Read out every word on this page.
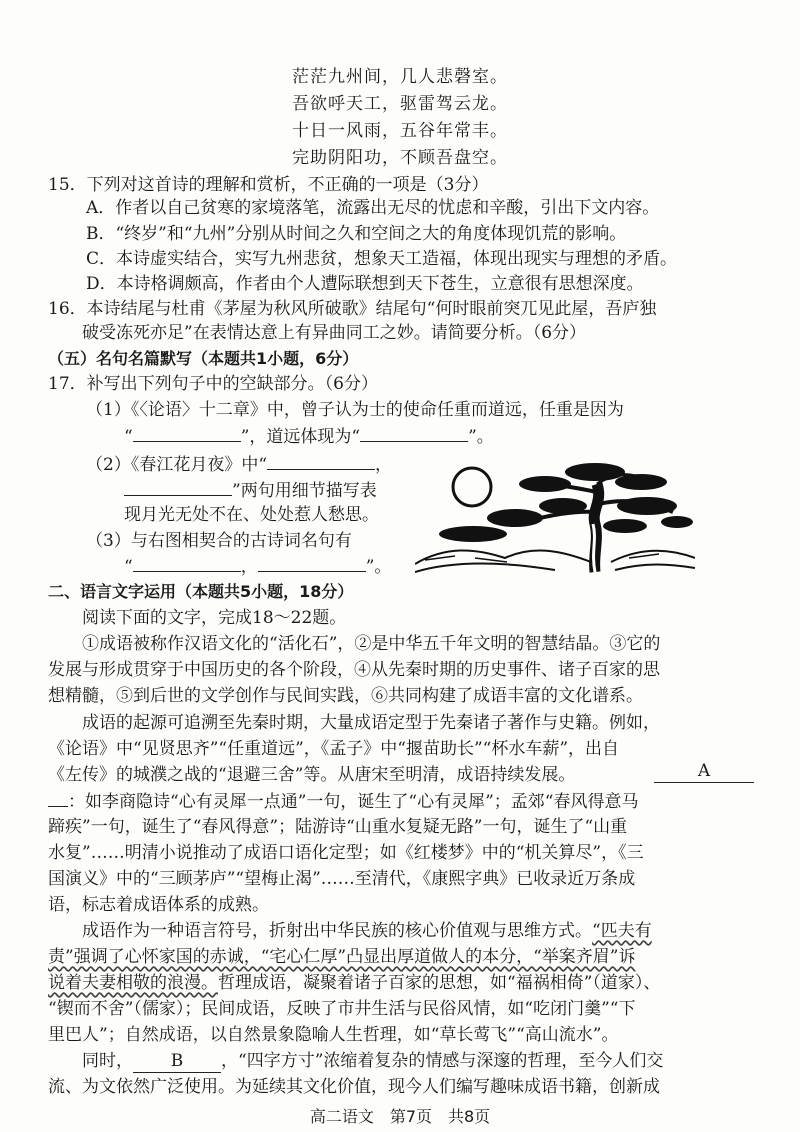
茫茫九州间，几人悲磬室。
吾欲呼天工，驱雷驾云龙。
十日一风雨，五谷年常丰。
完助阴阳功，不顾吾盘空。
15．下列对这首诗的理解和赏析，不正确的一项是（3分）
A．作者以自己贫寒的家境落笔，流露出无尽的忧虑和辛酸，引出下文内容。
B．“终岁”和“九州”分别从时间之久和空间之大的角度体现饥荒的影响。
C．本诗虚实结合，实写九州悲贫，想象天工造福，体现出现实与理想的矛盾。
D．本诗格调颇高，作者由个人遭际联想到天下苍生，立意很有思想深度。
16．本诗结尾与杜甫《茅屋为秋风所破歌》结尾句“何时眼前突兀见此屋，吾庐独
破受冻死亦足”在表情达意上有异曲同工之妙。请简要分析。（6分）
（五）名句名篇默写（本题共1小题，6分）
17．补写出下列句子中的空缺部分。（6分）
（1）《〈论语〉十二章》中，曾子认为士的使命任重而道远，任重是因为
“	”，道远体现为“	”。
（2）《春江花月夜》中“	，
”两句用细节描写表
现月光无处不在、处处惹人愁思。
（3）与右图相契合的古诗词名句有
“	，	”。
二、语言文字运用（本题共5小题，18分）
阅读下面的文字，完成18～22题。
①成语被称作汉语文化的“活化石”，②是中华五千年文明的智慧结晶。③它的
发展与形成贯穿于中国历史的各个阶段，④从先秦时期的历史事件、诸子百家的思
想精髓，⑤到后世的文学创作与民间实践，⑥共同构建了成语丰富的文化谱系。
成语的起源可追溯至先秦时期，大量成语定型于先秦诸子著作与史籍。例如，
《论语》中“见贤思齐”“任重道远”，《孟子》中“揠苗助长”“杯水车薪”，出自
《左传》的城濮之战的“退避三舍”等。从唐宋至明清，成语持续发展。	A
：如李商隐诗“心有灵犀一点通”一句，诞生了“心有灵犀”；孟郊“春风得意马
蹄疾”一句，诞生了“春风得意”；陆游诗“山重水复疑无路”一句，诞生了“山重
水复”……明清小说推动了成语口语化定型；如《红楼梦》中的“机关算尽”，《三
国演义》中的“三顾茅庐”“望梅止渴”……至清代，《康熙字典》已收录近万条成
语，标志着成语体系的成熟。
成语作为一种语言符号，折射出中华民族的核心价值观与思维方式。“匹夫有
责”强调了心怀家国的赤诚，“宅心仁厚”凸显出厚道做人的本分，“举案齐眉”诉
说着夫妻相敬的浪漫。哲理成语，凝聚着诸子百家的思想，如“福祸相倚”（道家）、
“锲而不舍”（儒家）；民间成语，反映了市井生活与民俗风情，如“吃闭门羹”“下
里巴人”；自然成语，以自然景象隐喻人生哲理，如“草长莺飞”“高山流水”。
同时， B ，“四字方寸”浓缩着复杂的情感与深邃的哲理，至今人们交
流、为文依然广泛使用。为延续其文化价值，现今人们编写趣味成语书籍，创新成
高二语文　第7页　共8页
